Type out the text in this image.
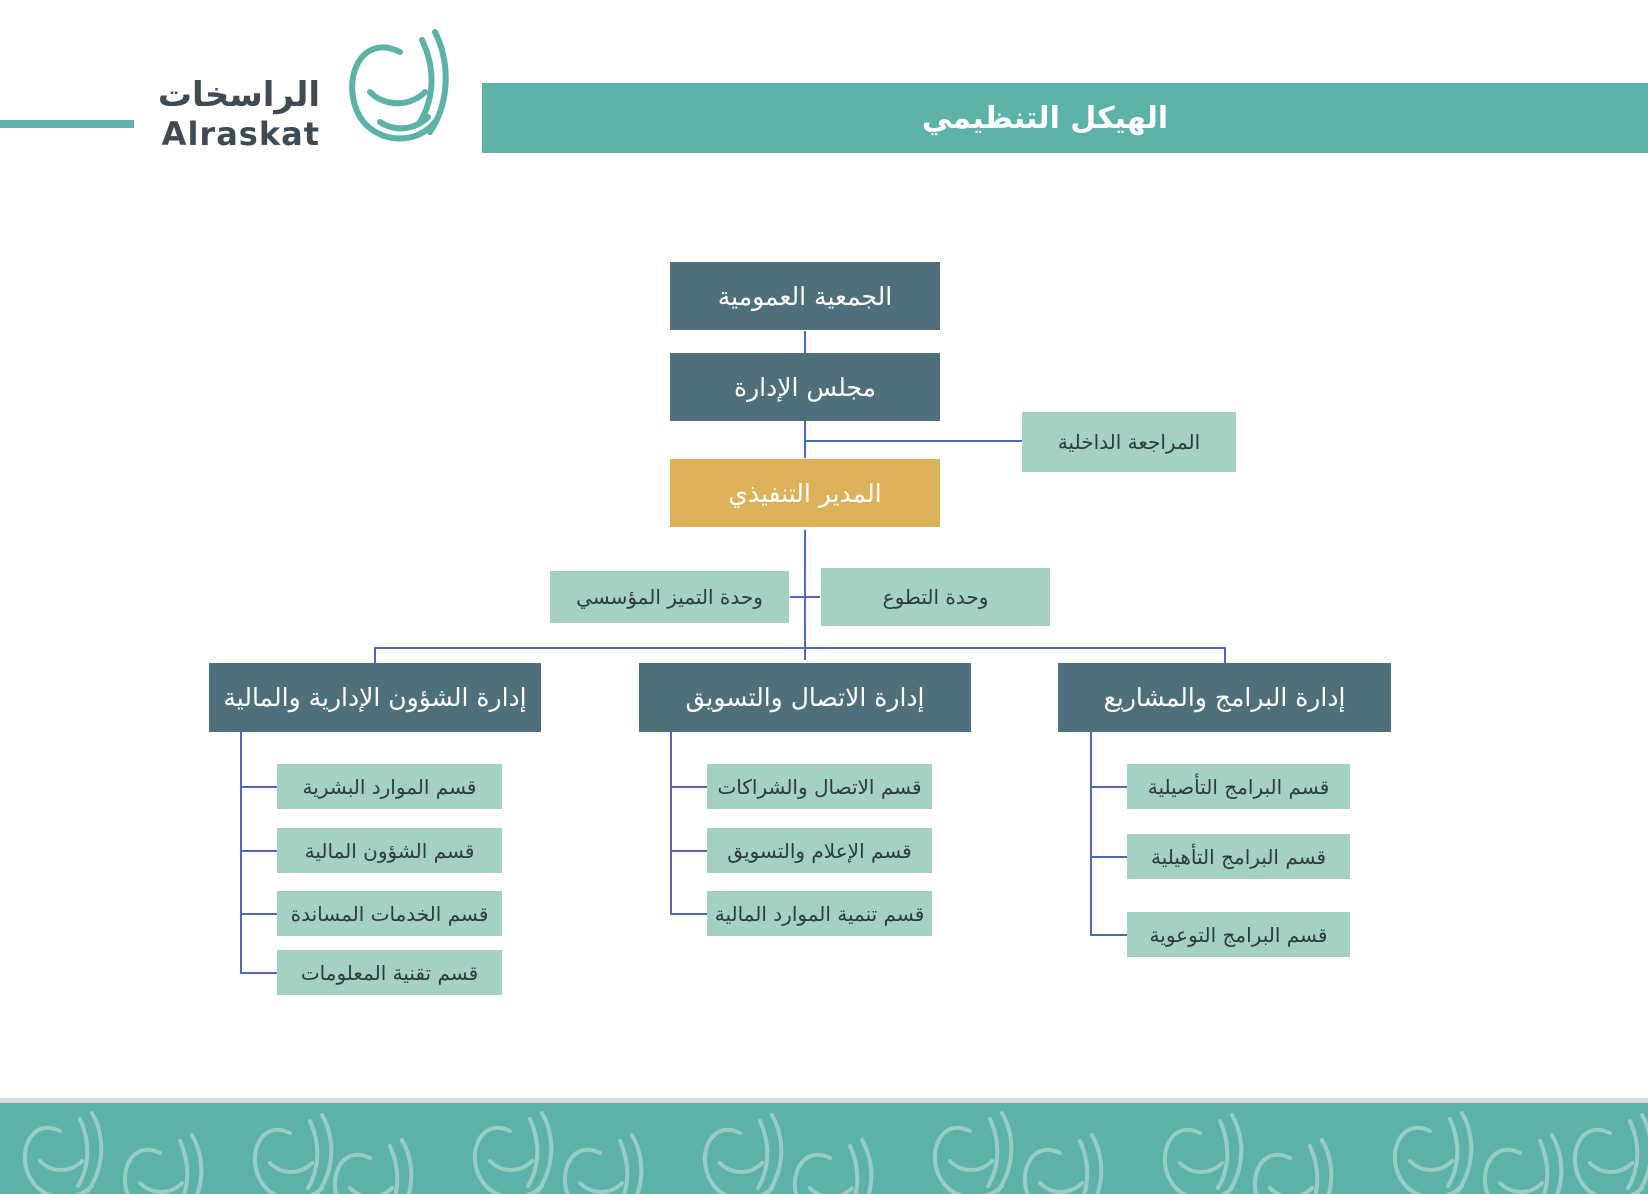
الراسخات
Alraskat	الهيكل التنظيمي
الجمعية العمومية
مجلس الإدارة
المراجعة الداخلية
المدير التنفيذي
وحدة التميز المؤسسي	وحدة التطوع
إدارة البرامج والمشاريع
إدارة الاتصال والتسويق
إدارة الشؤون الإدارية والمالية
قسم البرامج التأصيلية
قسم البرامج التأهيلية
قسم البرامج التوعوية
قسم الاتصال والشراكات
قسم الإعلام والتسويق
قسم تنمية الموارد المالية
قسم الموارد البشرية
قسم الشؤون المالية
قسم الخدمات المساندة
قسم تقنية المعلومات
